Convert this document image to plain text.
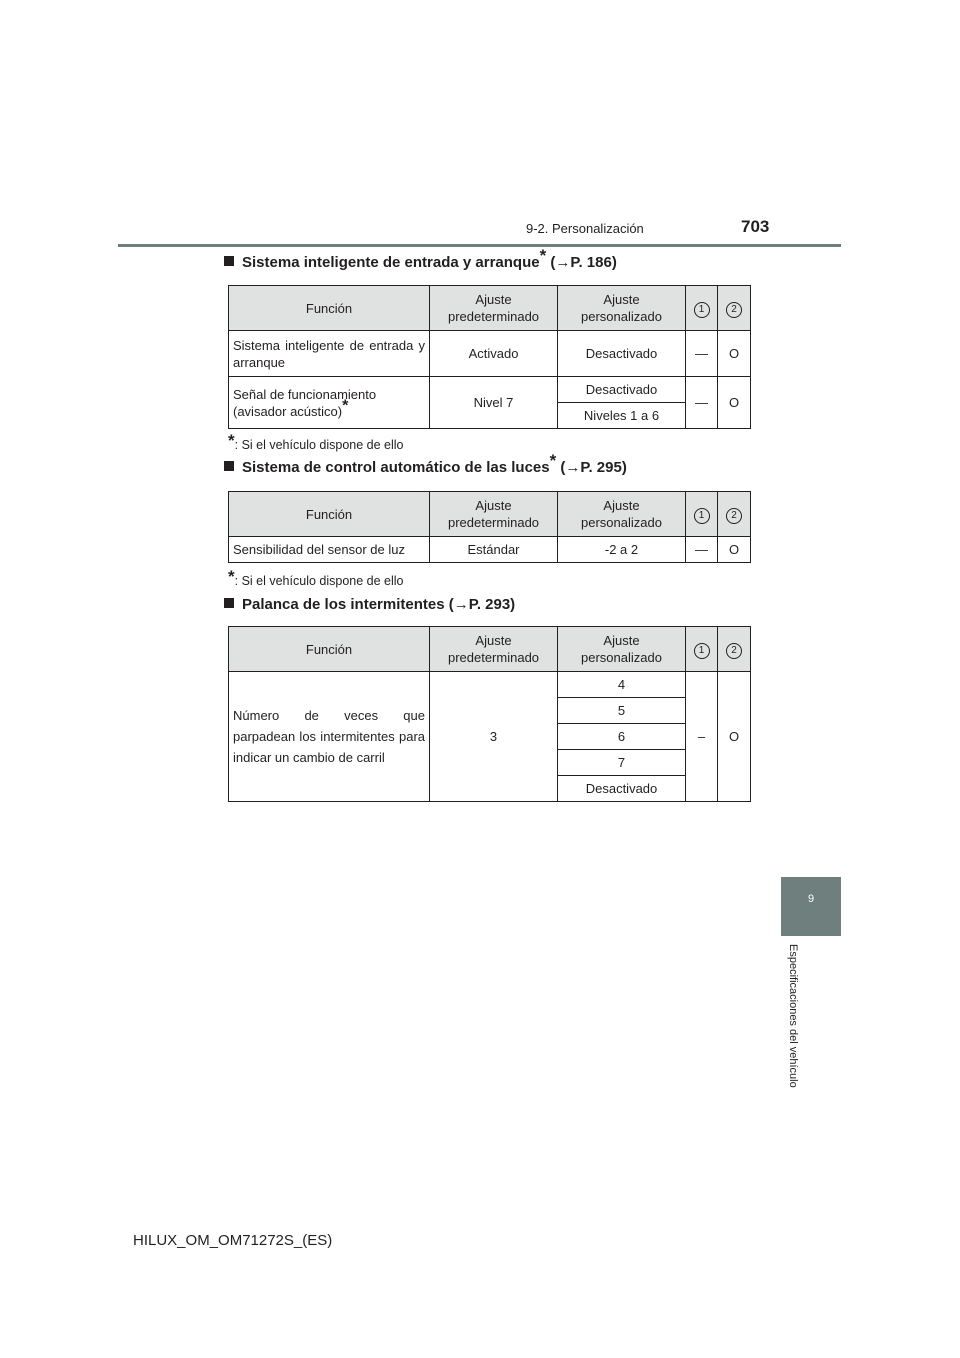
9-2. Personalización	703
9
Especificaciones del vehículo
Sistema inteligente de entrada y arranque* (→P. 186)
Función	Ajuste predeterminado	Ajuste personalizado	1	2
Sistema inteligente de entrada y arranque	Activado	Desactivado	—	O
Señal de funcionamiento (avisador acústico)*	Nivel 7	Desactivado	—	O
		Niveles 1 a 6		
*: Si el vehículo dispone de ello
Sistema de control automático de las luces* (→P. 295)
Función	Ajuste predeterminado	Ajuste personalizado	1	2
Sensibilidad del sensor de luz	Estándar	-2 a 2	—	O
*: Si el vehículo dispone de ello
Palanca de los intermitentes (→P. 293)
Función	Ajuste predeterminado	Ajuste personalizado	1	2
Número de veces que parpadean los intermitentes para indicar un cambio de carril	3	4	–	O
		5		
		6		
		7		
		Desactivado		
HILUX_OM_OM71272S_(ES)
